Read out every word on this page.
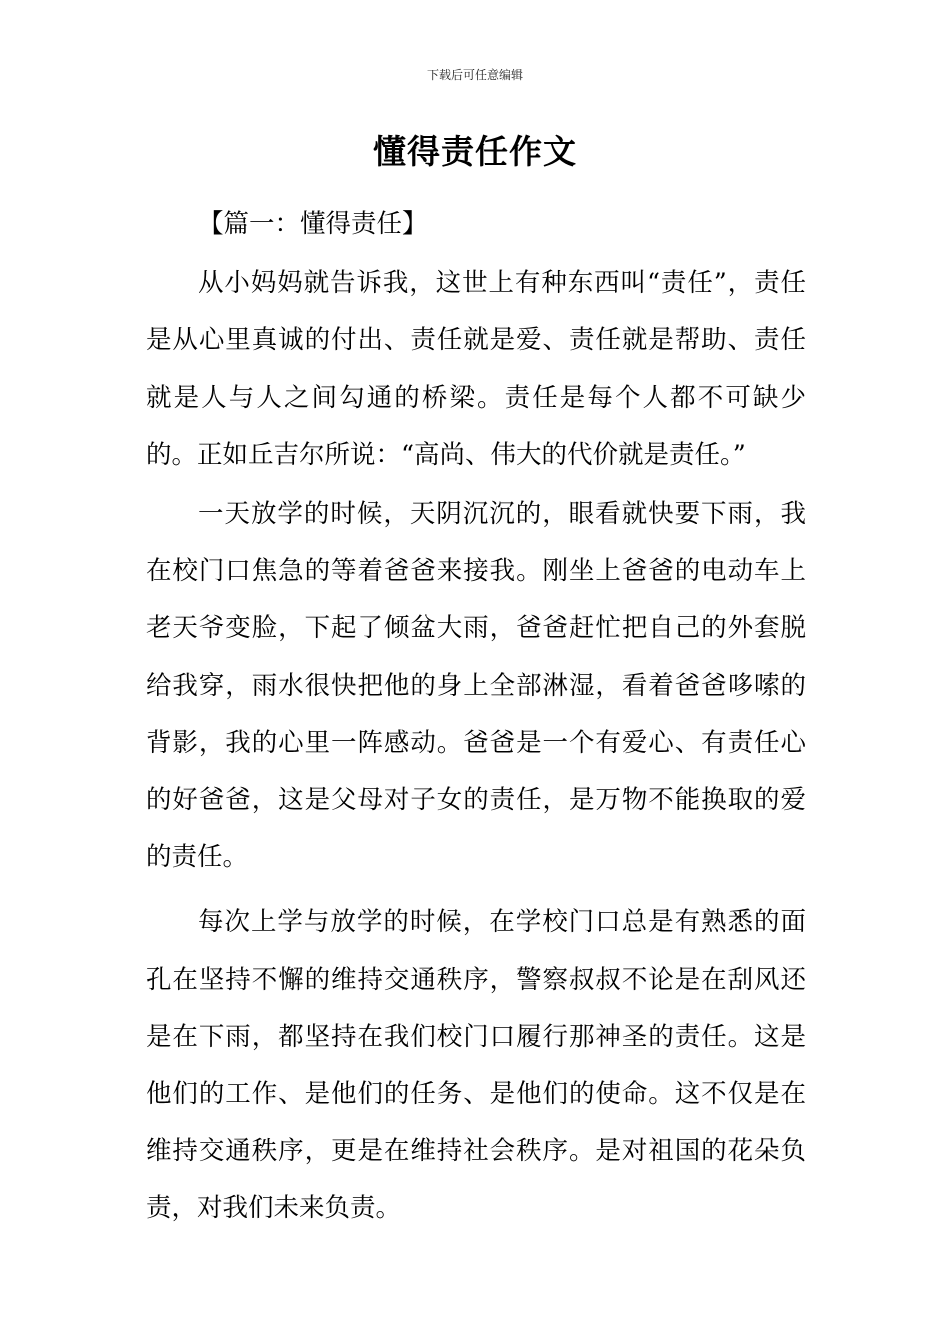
下载后可任意编辑
懂得责任作文

【篇一：懂得责任】

从小妈妈就告诉我，这世上有种东西叫“责任”，责任是从心里真诚的付出、责任就是爱、责任就是帮助、责任就是人与人之间勾通的桥梁。责任是每个人都不可缺少的。正如丘吉尔所说：“高尚、伟大的代价就是责任。”

一天放学的时候，天阴沉沉的，眼看就快要下雨，我在校门口焦急的等着爸爸来接我。刚坐上爸爸的电动车上老天爷变脸，下起了倾盆大雨，爸爸赶忙把自己的外套脱给我穿，雨水很快把他的身上全部淋湿，看着爸爸哆嗦的背影，我的心里一阵感动。爸爸是一个有爱心、有责任心的好爸爸，这是父母对子女的责任，是万物不能换取的爱的责任。

每次上学与放学的时候，在学校门口总是有熟悉的面孔在坚持不懈的维持交通秩序，警察叔叔不论是在刮风还是在下雨，都坚持在我们校门口履行那神圣的责任。这是他们的工作、是他们的任务、是他们的使命。这不仅是在维持交通秩序，更是在维持社会秩序。是对祖国的花朵负责，对我们未来负责。
